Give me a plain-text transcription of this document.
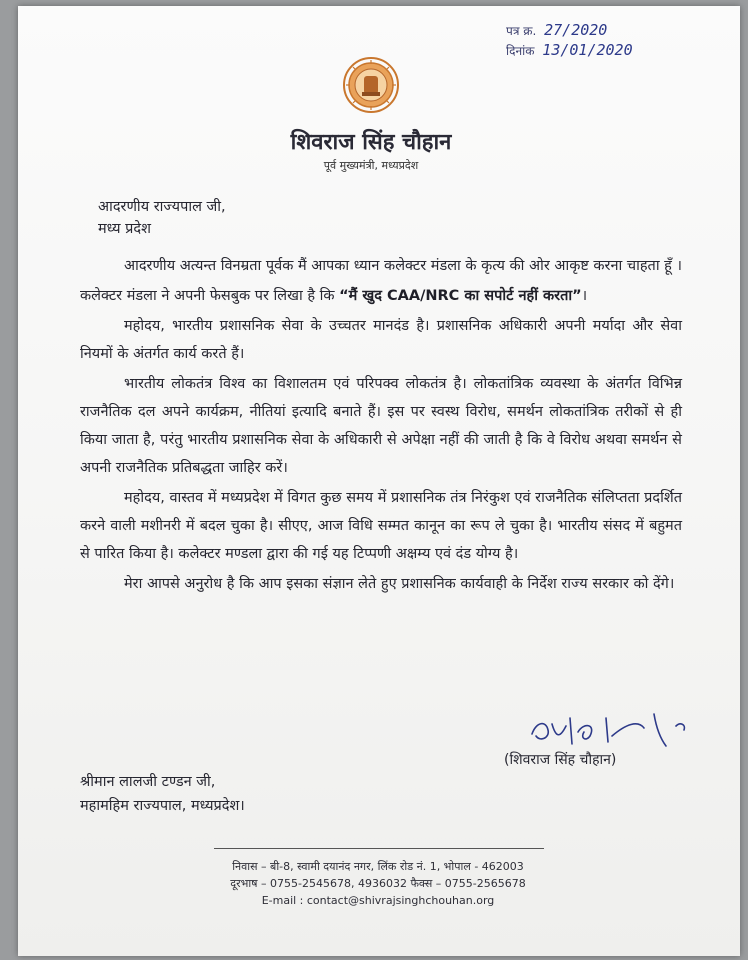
पत्र क्र. 27/2020
दिनांक 13/01/2020
शिवराज सिंह चौहान
पूर्व मुख्यमंत्री, मध्यप्रदेश
आदरणीय राज्यपाल जी,
मध्य प्रदेश

आदरणीय अत्यन्त विनम्रता पूर्वक मैं आपका ध्यान कलेक्टर मंडला के कृत्य की ओर आकृष्ट करना चाहता हूँ ।

कलेक्टर मंडला ने अपनी फेसबुक पर लिखा है कि “मैं खुद CAA/NRC का सपोर्ट नहीं करता”।

महोदय, भारतीय प्रशासनिक सेवा के उच्चतर मानदंड है। प्रशासनिक अधिकारी अपनी मर्यादा और सेवा नियमों के अंतर्गत कार्य करते हैं।

भारतीय लोकतंत्र विश्व का विशालतम एवं परिपक्व लोकतंत्र है। लोकतांत्रिक व्यवस्था के अंतर्गत विभिन्न राजनैतिक दल अपने कार्यक्रम, नीतियां इत्यादि बनाते हैं। इस पर स्वस्थ विरोध, समर्थन लोकतांत्रिक तरीकों से ही किया जाता है, परंतु भारतीय प्रशासनिक सेवा के अधिकारी से अपेक्षा नहीं की जाती है कि वे विरोध अथवा समर्थन से अपनी राजनैतिक प्रतिबद्धता जाहिर करें।

महोदय, वास्तव में मध्यप्रदेश में विगत कुछ समय में प्रशासनिक तंत्र निरंकुश एवं राजनैतिक संलिप्तता प्रदर्शित करने वाली मशीनरी में बदल चुका है। सीएए, आज विधि सम्मत कानून का रूप ले चुका है। भारतीय संसद में बहुमत से पारित किया है। कलेक्टर मण्डला द्वारा की गई यह टिप्पणी अक्षम्य एवं दंड योग्य है।

मेरा आपसे अनुरोध है कि आप इसका संज्ञान लेते हुए प्रशासनिक कार्यवाही के निर्देश राज्य सरकार को देंगे।

(शिवराज सिंह चौहान)
श्रीमान लालजी टण्डन जी,
महामहिम राज्यपाल, मध्यप्रदेश।
निवास – बी-8, स्वामी दयानंद नगर, लिंक रोड नं. 1, भोपाल - 462003
दूरभाष – 0755-2545678, 4936032 फैक्स – 0755-2565678
E-mail : contact@shivrajsinghchouhan.org
